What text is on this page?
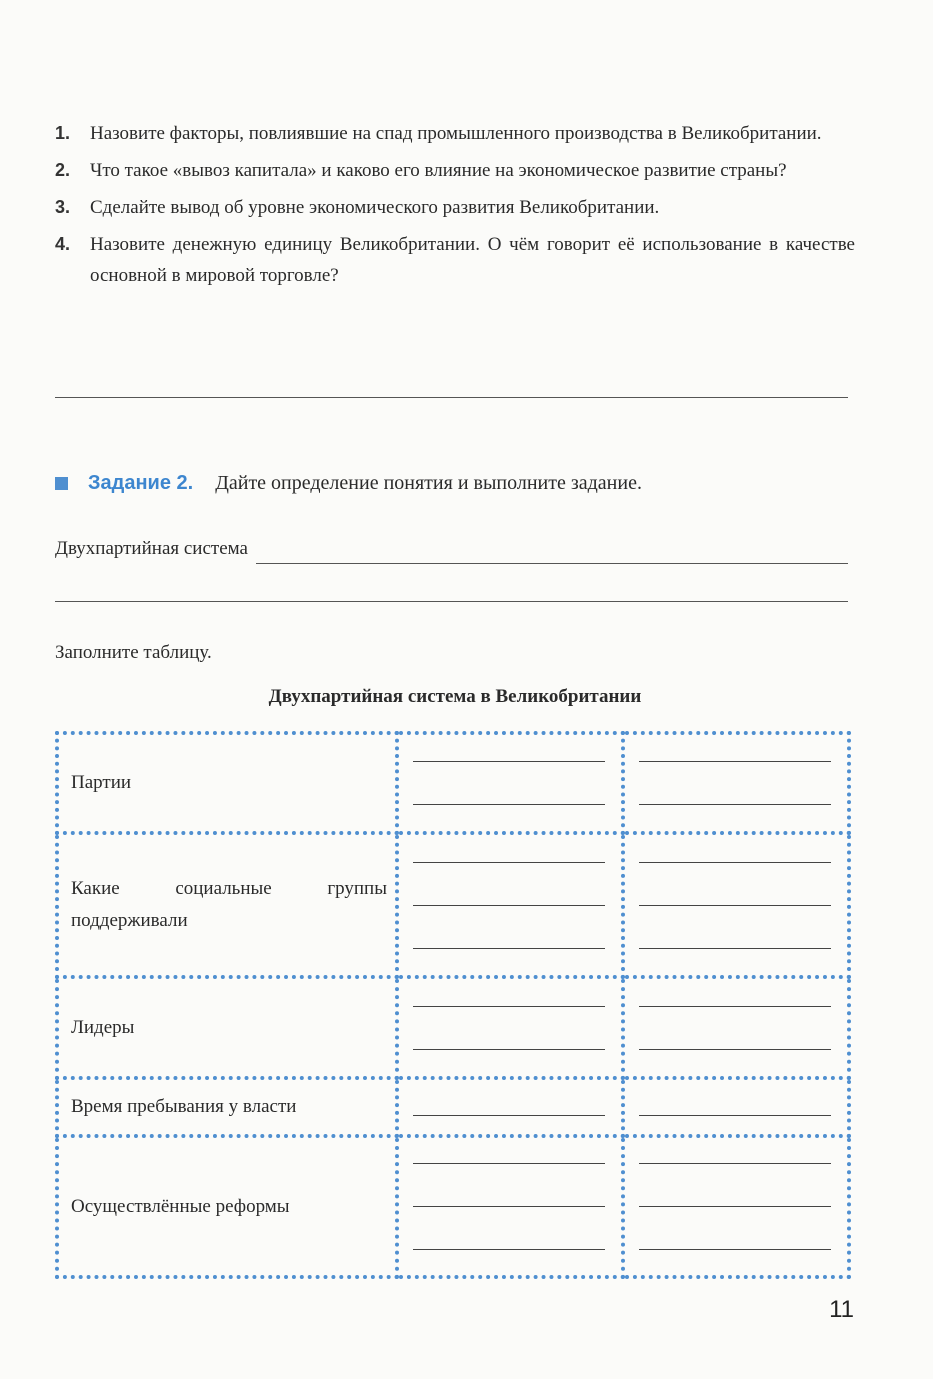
1.	Назовите факторы, повлиявшие на спад промышленного производства в Великобритании.
2.	Что такое «вывоз капитала» и каково его влияние на экономическое развитие страны?
3.	Сделайте вывод об уровне экономического развития Великобритании.
4.	Назовите денежную единицу Великобритании. О чём говорит её использование в качестве основной в мировой торговле?
Задание 2. Дайте определение понятия и выполните задание.
Двухпартийная система
Заполните таблицу.
Двухпартийная система в Великобритании
Партии	

Какие социальные группы
поддерживали	

Лидеры	

Время пребывания у власти	

Осуществлённые реформы	

11
